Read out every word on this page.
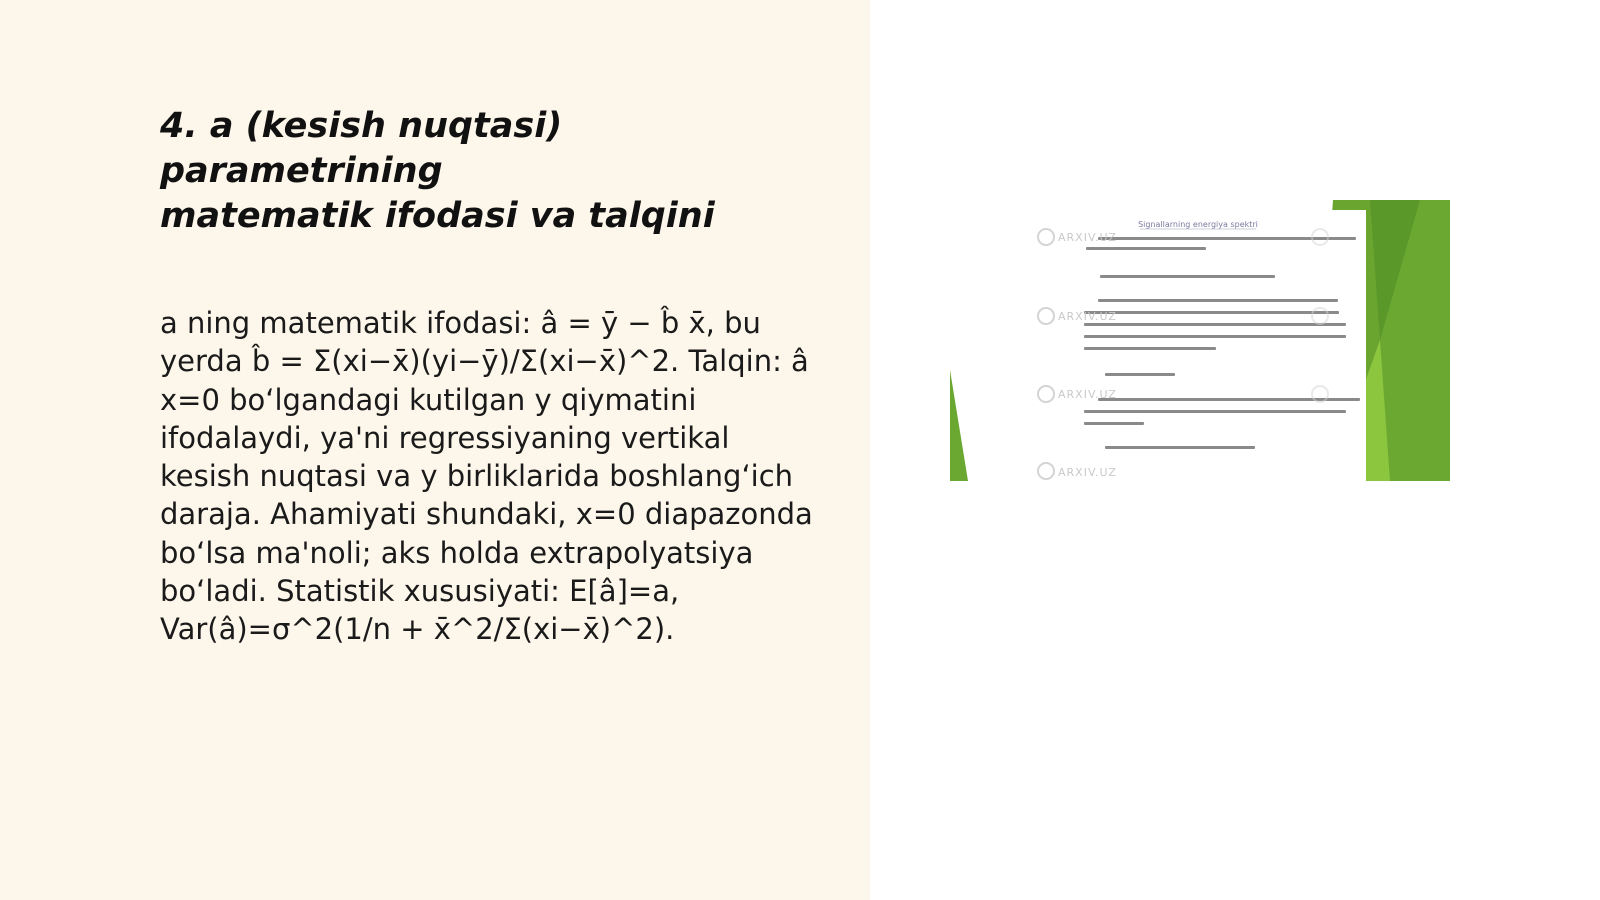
4. a (kesish nuqtasi) parametrining
matematik ifodasi va talqini

a ning matematik ifodasi: â = ȳ − b̂ x̄, bu
yerda b̂ = Σ(xi−x̄)(yi−ȳ)/Σ(xi−x̄)^2. Talqin: â
x=0 bo‘lgandagi kutilgan y qiymatini
ifodalaydi, ya'ni regressiyaning vertikal
kesish nuqtasi va y birliklarida boshlang‘ich
daraja. Ahamiyati shundaki, x=0 diapazonda
bo‘lsa ma'noli; aks holda extrapolyatsiya
bo‘ladi. Statistik xususiyati: E[â]=a,
Var(â)=σ^2(1/n + x̄^2/Σ(xi−x̄)^2).

Signallarning energiya spektri
ARXIV.UZ
ARXIV.UZ
ARXIV.UZ
ARXIV.UZ
